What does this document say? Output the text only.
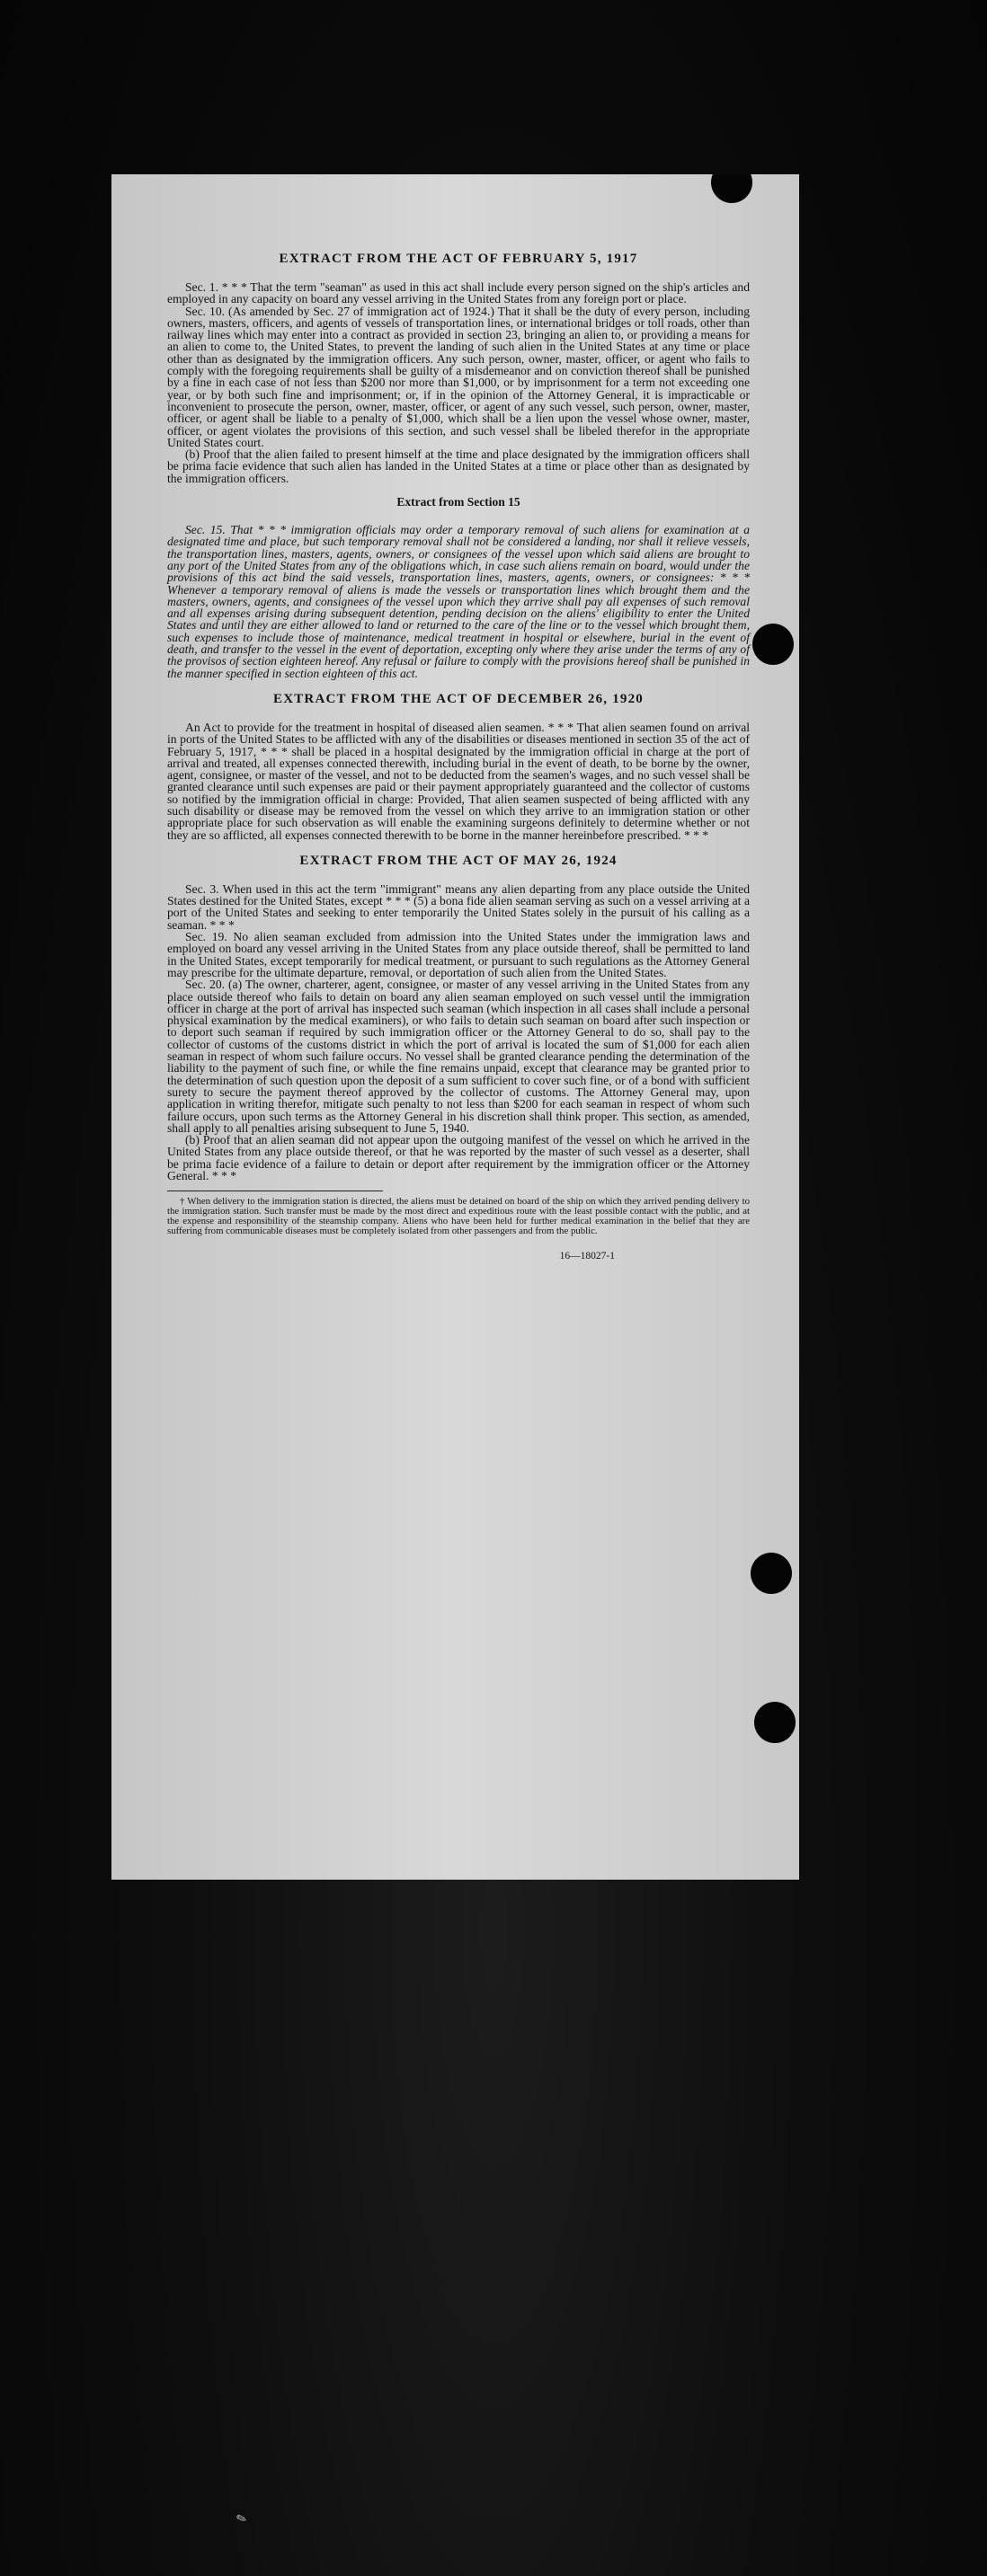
EXTRACT FROM THE ACT OF FEBRUARY 5, 1917

Sec. 1. * * * That the term "seaman" as used in this act shall include every person signed on the ship's articles and employed in any capacity on board any vessel arriving in the United States from any foreign port or place.

Sec. 10. (As amended by Sec. 27 of immigration act of 1924.) That it shall be the duty of every person, including owners, masters, officers, and agents of vessels of transportation lines, or international bridges or toll roads, other than railway lines which may enter into a contract as provided in section 23, bringing an alien to, or providing a means for an alien to come to, the United States, to prevent the landing of such alien in the United States at any time or place other than as designated by the immigration officers. Any such person, owner, master, officer, or agent who fails to comply with the foregoing requirements shall be guilty of a misdemeanor and on conviction thereof shall be punished by a fine in each case of not less than $200 nor more than $1,000, or by imprisonment for a term not exceeding one year, or by both such fine and imprisonment; or, if in the opinion of the Attorney General, it is impracticable or inconvenient to prosecute the person, owner, master, officer, or agent of any such vessel, such person, owner, master, officer, or agent shall be liable to a penalty of $1,000, which shall be a lien upon the vessel whose owner, master, officer, or agent violates the provisions of this section, and such vessel shall be libeled therefor in the appropriate United States court.

(b) Proof that the alien failed to present himself at the time and place designated by the immigration officers shall be prima facie evidence that such alien has landed in the United States at a time or place other than as designated by the immigration officers.

Extract from Section 15

Sec. 15. That * * * immigration officials may order a temporary removal of such aliens for examination at a designated time and place, but such temporary removal shall not be considered a landing, nor shall it relieve vessels, the transportation lines, masters, agents, owners, or consignees of the vessel upon which said aliens are brought to any port of the United States from any of the obligations which, in case such aliens remain on board, would under the provisions of this act bind the said vessels, transportation lines, masters, agents, owners, or consignees: * * * Whenever a temporary removal of aliens is made the vessels or transportation lines which brought them and the masters, owners, agents, and consignees of the vessel upon which they arrive shall pay all expenses of such removal and all expenses arising during subsequent detention, pending decision on the aliens' eligibility to enter the United States and until they are either allowed to land or returned to the care of the line or to the vessel which brought them, such expenses to include those of maintenance, medical treatment in hospital or elsewhere, burial in the event of death, and transfer to the vessel in the event of deportation, excepting only where they arise under the terms of any of the provisos of section eighteen hereof. Any refusal or failure to comply with the provisions hereof shall be punished in the manner specified in section eighteen of this act.

EXTRACT FROM THE ACT OF DECEMBER 26, 1920

An Act to provide for the treatment in hospital of diseased alien seamen. * * * That alien seamen found on arrival in ports of the United States to be afflicted with any of the disabilities or diseases mentioned in section 35 of the act of February 5, 1917, * * * shall be placed in a hospital designated by the immigration official in charge at the port of arrival and treated, all expenses connected therewith, including burial in the event of death, to be borne by the owner, agent, consignee, or master of the vessel, and not to be deducted from the seamen's wages, and no such vessel shall be granted clearance until such expenses are paid or their payment appropriately guaranteed and the collector of customs so notified by the immigration official in charge: Provided, That alien seamen suspected of being afflicted with any such disability or disease may be removed from the vessel on which they arrive to an immigration station or other appropriate place for such observation as will enable the examining surgeons definitely to determine whether or not they are so afflicted, all expenses connected therewith to be borne in the manner hereinbefore prescribed. * * *

EXTRACT FROM THE ACT OF MAY 26, 1924

Sec. 3. When used in this act the term "immigrant" means any alien departing from any place outside the United States destined for the United States, except * * * (5) a bona fide alien seaman serving as such on a vessel arriving at a port of the United States and seeking to enter temporarily the United States solely in the pursuit of his calling as a seaman. * * *

Sec. 19. No alien seaman excluded from admission into the United States under the immigration laws and employed on board any vessel arriving in the United States from any place outside thereof, shall be permitted to land in the United States, except temporarily for medical treatment, or pursuant to such regulations as the Attorney General may prescribe for the ultimate departure, removal, or deportation of such alien from the United States.

Sec. 20. (a) The owner, charterer, agent, consignee, or master of any vessel arriving in the United States from any place outside thereof who fails to detain on board any alien seaman employed on such vessel until the immigration officer in charge at the port of arrival has inspected such seaman (which inspection in all cases shall include a personal physical examination by the medical examiners), or who fails to detain such seaman on board after such inspection or to deport such seaman if required by such immigration officer or the Attorney General to do so, shall pay to the collector of customs of the customs district in which the port of arrival is located the sum of $1,000 for each alien seaman in respect of whom such failure occurs. No vessel shall be granted clearance pending the determination of the liability to the payment of such fine, or while the fine remains unpaid, except that clearance may be granted prior to the determination of such question upon the deposit of a sum sufficient to cover such fine, or of a bond with sufficient surety to secure the payment thereof approved by the collector of customs. The Attorney General may, upon application in writing therefor, mitigate such penalty to not less than $200 for each seaman in respect of whom such failure occurs, upon such terms as the Attorney General in his discretion shall think proper. This section, as amended, shall apply to all penalties arising subsequent to June 5, 1940.

(b) Proof that an alien seaman did not appear upon the outgoing manifest of the vessel on which he arrived in the United States from any place outside thereof, or that he was reported by the master of such vessel as a deserter, shall be prima facie evidence of a failure to detain or deport after requirement by the immigration officer or the Attorney General. * * *

† When delivery to the immigration station is directed, the aliens must be detained on board of the ship on which they arrived pending delivery to the immigration station. Such transfer must be made by the most direct and expeditious route with the least possible contact with the public, and at the expense and responsibility of the steamship company. Aliens who have been held for further medical examination in the belief that they are suffering from communicable diseases must be completely isolated from other passengers and from the public.

16—18027-1
✎
